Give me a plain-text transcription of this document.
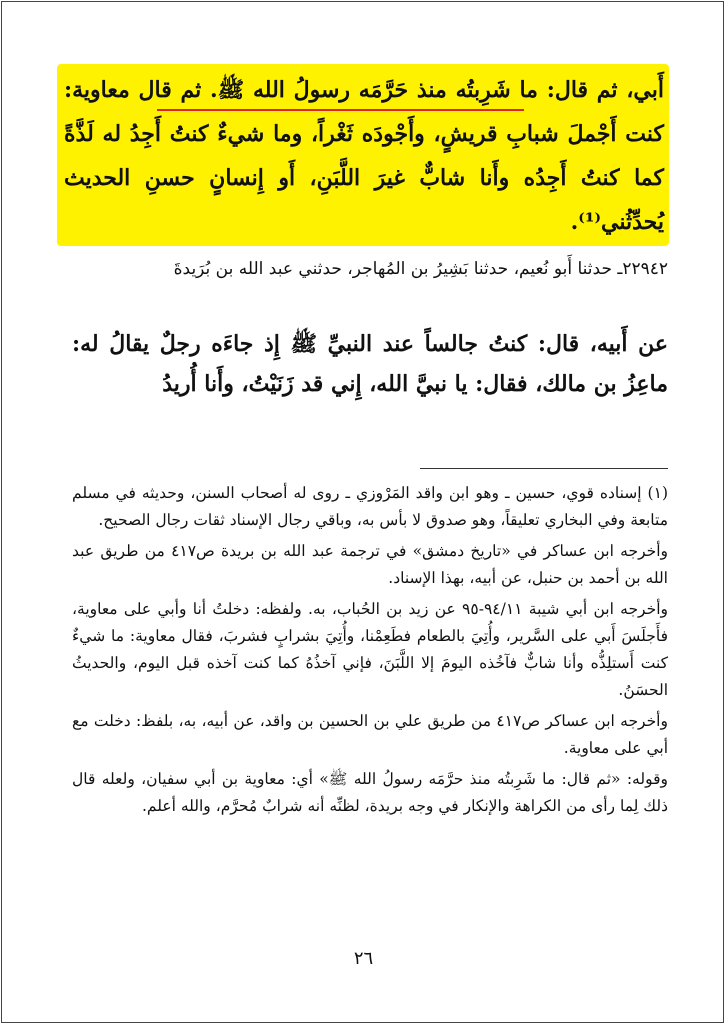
أَبي، ثم قال: ما شَرِبتُه منذ حَرَّمَه رسولُ الله ﷺ. ثم قال معاوية: كنت أَجْملَ شبابِ قريشٍ، وأَجْودَه ثَغْراً، وما شيءٌ كنتُ أَجِدُ له لَذَّةً كما كنتُ أَجِدُه وأَنا شابٌّ غيرَ اللَّبَنِ، أَو إِنسانٍ حسنِ الحديث يُحدِّثُني⁽¹⁾.
٢٢٩٤٢ـ حدثنا أَبو نُعيم، حدثنا بَشِيرُ بن المُهاجر، حدثني عبد الله بن بُرَيدةَ
عن أَبيه، قال: كنتُ جالساً عند النبيِّ ﷺ إِذ جاءَه رجلٌ يقالُ له: ماعِزُ بن مالك، فقال: يا نبيَّ الله، إِني قد زَنَيْتُ، وأَنا أُريدُ

(١) إسناده قوي، حسين ـ وهو ابن واقد المَرْوزي ـ روى له أصحاب السنن، وحديثه في مسلم متابعة وفي البخاري تعليقاً، وهو صدوق لا بأس به، وباقي رجال الإسناد ثقات رجال الصحيح.

وأخرجه ابن عساكر في «تاريخ دمشق» في ترجمة عبد الله بن بريدة ص٤١٧ من طريق عبد الله بن أحمد بن حنبل، عن أبيه، بهذا الإسناد.

وأخرجه ابن أبي شيبة ٩٤/١١-٩٥ عن زيد بن الحُباب، به. ولفظه: دخلتُ أنا وأبي على معاوية، فأَجلَسَ أَبي على السَّرير، وأُتِيَ بالطعام فطَعِمْنا، وأُتِيَ بشرابٍ فشربَ، فقال معاوية: ما شيءٌ كنت أَستلِذُّه وأنا شابٌّ فآخُذه اليومَ إلا اللَّبَنَ، فإني آخذُهُ كما كنت آخذه قبل اليوم، والحديثُ الحسَنُ.

وأخرجه ابن عساكر ص٤١٧ من طريق علي بن الحسين بن واقد، عن أبيه، به، بلفظ: دخلت مع أبي على معاوية.

وقوله: «ثم قال: ما شَرِبتُه منذ حرَّمَه رسولُ الله ﷺ» أي: معاوية بن أبي سفيان، ولعله قال ذلك لِما رأى من الكراهة والإنكار في وجه بريدة، لظنِّه أنه شرابٌ مُحرَّم، والله أعلم.

٢٦
